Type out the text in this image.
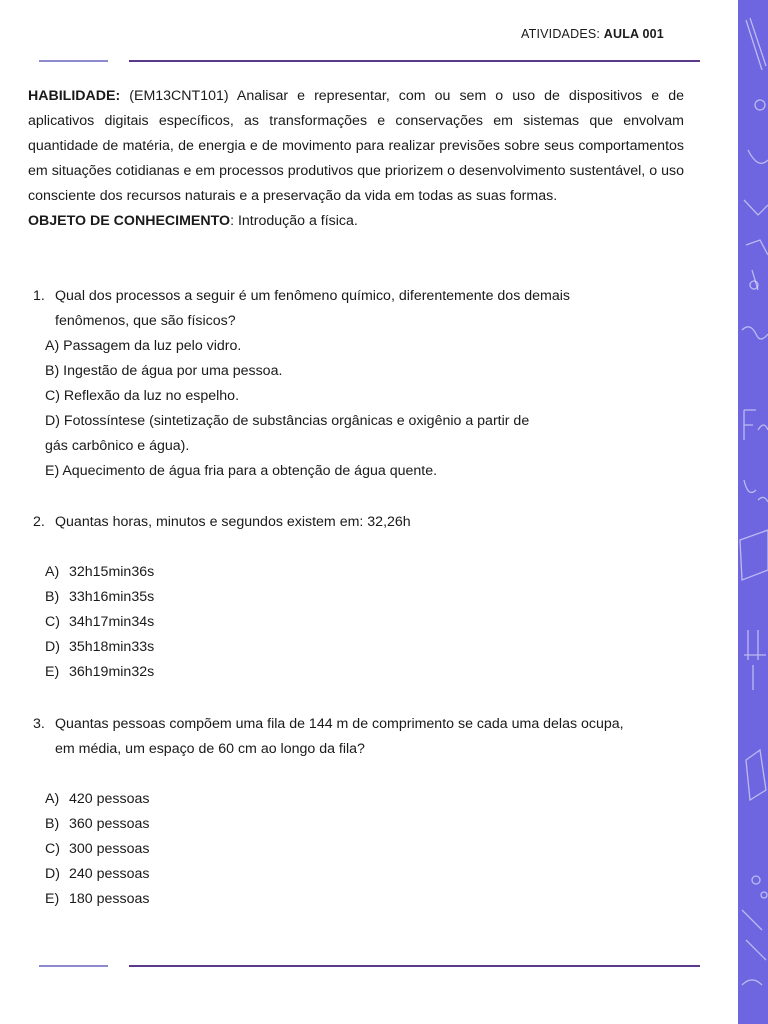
ATIVIDADES: AULA 001
HABILIDADE: (EM13CNT101) Analisar e representar, com ou sem o uso de dispositivos e de aplicativos digitais específicos, as transformações e conservações em sistemas que envolvam quantidade de matéria, de energia e de movimento para realizar previsões sobre seus comportamentos em situações cotidianas e em processos produtivos que priorizem o desenvolvimento sustentável, o uso consciente dos recursos naturais e a preservação da vida em todas as suas formas.
OBJETO DE CONHECIMENTO: Introdução a física.
1. Qual dos processos a seguir é um fenômeno químico, diferentemente dos demais
fenômenos, que são físicos?
A) Passagem da luz pelo vidro.
B) Ingestão de água por uma pessoa.
C) Reflexão da luz no espelho.
D) Fotossíntese (sintetização de substâncias orgânicas e oxigênio a partir de
gás carbônico e água).
E) Aquecimento de água fria para a obtenção de água quente.
2. Quantas horas, minutos e segundos existem em: 32,26h
A) 32h15min36s
B) 33h16min35s
C) 34h17min34s
D) 35h18min33s
E) 36h19min32s
3. Quantas pessoas compõem uma fila de 144 m de comprimento se cada uma delas ocupa,
em média, um espaço de 60 cm ao longo da fila?
A) 420 pessoas
B) 360 pessoas
C) 300 pessoas
D) 240 pessoas
E) 180 pessoas
